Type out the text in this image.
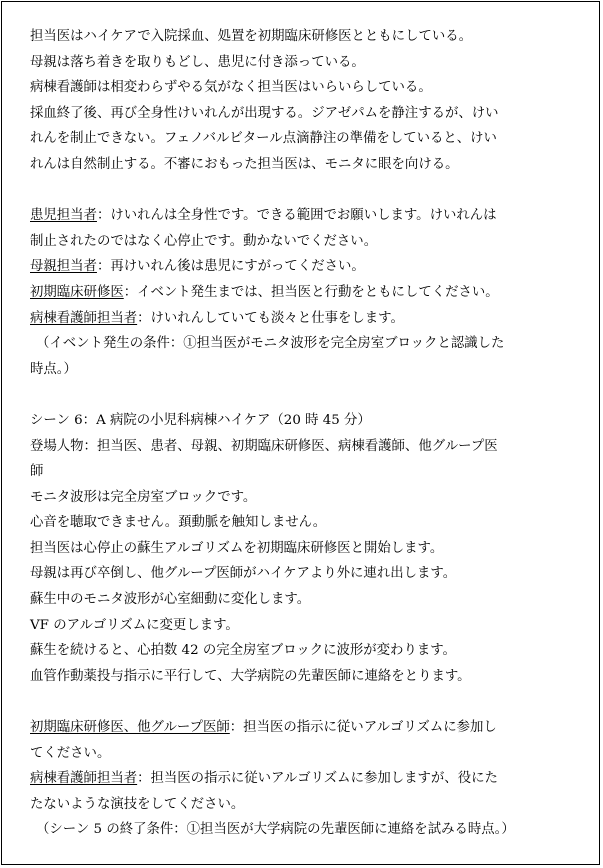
担当医はハイケアで入院採血、処置を初期臨床研修医とともにしている。
母親は落ち着きを取りもどし、患児に付き添っている。
病棟看護師は相変わらずやる気がなく担当医はいらいらしている。
採血終了後、再び全身性けいれんが出現する。ジアゼパムを静注するが、けい
れんを制止できない。フェノバルビタール点滴静注の準備をしていると、けい
れんは自然制止する。不審におもった担当医は、モニタに眼を向ける。
患児担当者：けいれんは全身性です。できる範囲でお願いします。けいれんは
制止されたのではなく心停止です。動かないでください。
母親担当者：再けいれん後は患児にすがってください。
初期臨床研修医：イベント発生までは、担当医と行動をともにしてください。
病棟看護師担当者：けいれんしていても淡々と仕事をします。
（イベント発生の条件：①担当医がモニタ波形を完全房室ブロックと認識した
時点。）
シーン 6：A 病院の小児科病棟ハイケア（20 時 45 分）
登場人物：担当医、患者、母親、初期臨床研修医、病棟看護師、他グループ医
師
モニタ波形は完全房室ブロックです。
心音を聴取できません。頚動脈を触知しません。
担当医は心停止の蘇生アルゴリズムを初期臨床研修医と開始します。
母親は再び卒倒し、他グループ医師がハイケアより外に連れ出します。
蘇生中のモニタ波形が心室細動に変化します。
VF のアルゴリズムに変更します。
蘇生を続けると、心拍数 42 の完全房室ブロックに波形が変わります。
血管作動薬投与指示に平行して、大学病院の先輩医師に連絡をとります。
初期臨床研修医、他グループ医師：担当医の指示に従いアルゴリズムに参加し
てください。
病棟看護師担当者：担当医の指示に従いアルゴリズムに参加しますが、役にた
たないような演技をしてください。
（シーン 5 の終了条件：①担当医が大学病院の先輩医師に連絡を試みる時点。）
